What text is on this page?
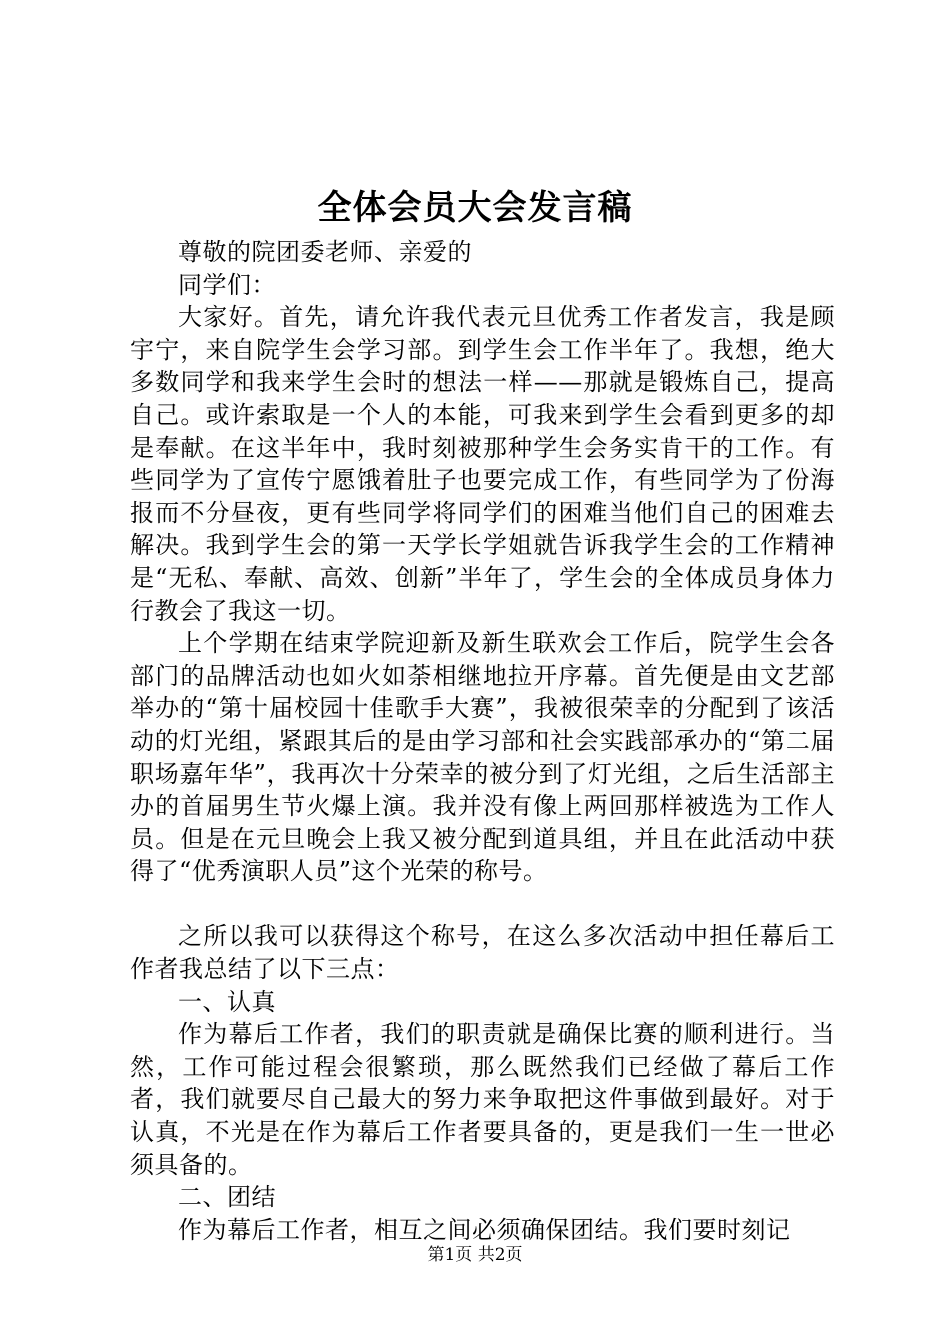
全体会员大会发言稿

尊敬的院团委老师、亲爱的

同学们：

大家好。首先，请允许我代表元旦优秀工作者发言，我是顾宇宁，来自院学生会学习部。到学生会工作半年了。我想，绝大多数同学和我来学生会时的想法一样——那就是锻炼自己，提高自己。或许索取是一个人的本能，可我来到学生会看到更多的却是奉献。在这半年中，我时刻被那种学生会务实肯干的工作。有些同学为了宣传宁愿饿着肚子也要完成工作，有些同学为了份海报而不分昼夜，更有些同学将同学们的困难当他们自己的困难去解决。我到学生会的第一天学长学姐就告诉我学生会的工作精神是“无私、奉献、高效、创新”半年了，学生会的全体成员身体力行教会了我这一切。

上个学期在结束学院迎新及新生联欢会工作后，院学生会各部门的品牌活动也如火如荼相继地拉开序幕。首先便是由文艺部举办的“第十届校园十佳歌手大赛”，我被很荣幸的分配到了该活动的灯光组，紧跟其后的是由学习部和社会实践部承办的“第二届职场嘉年华”，我再次十分荣幸的被分到了灯光组，之后生活部主办的首届男生节火爆上演。我并没有像上两回那样被选为工作人员。但是在元旦晚会上我又被分配到道具组，并且在此活动中获得了“优秀演职人员”这个光荣的称号。

之所以我可以获得这个称号，在这么多次活动中担任幕后工作者我总结了以下三点：

一、认真

作为幕后工作者，我们的职责就是确保比赛的顺利进行。当然，工作可能过程会很繁琐，那么既然我们已经做了幕后工作者，我们就要尽自己最大的努力来争取把这件事做到最好。对于认真，不光是在作为幕后工作者要具备的，更是我们一生一世必须具备的。

二、团结

作为幕后工作者，相互之间必须确保团结。我们要时刻记

第1页 共2页
